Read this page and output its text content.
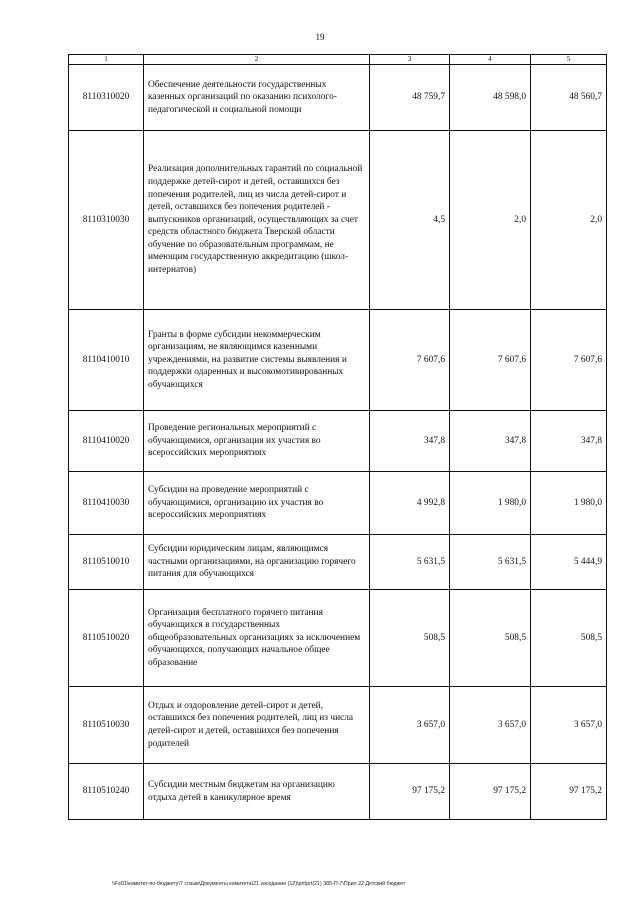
19
1	2	3	4	5
8110310020	Обеспечение деятельности государственных казенных организаций по оказанию психолого-педагогической и социальной помощи	48 759,7	48 598,0	48 560,7
8110310030	Реализация дополнительных гарантий по социальной поддержке детей-сирот и детей, оставшихся без попечения родителей, лиц из числа детей-сирот и детей, оставшихся без попечения родителей - выпускников организаций, осуществляющих за счет средств областного бюджета Тверской области обучение по образовательным программам, не имеющим государственную аккредитацию (школ-интернатов)	4,5	2,0	2,0
8110410010	Гранты в форме субсидии некоммерческим организациям, не являющимся казенными учреждениями, на развитие системы выявления и поддержки одаренных и высокомотивированных обучающихся	7 607,6	7 607,6	7 607,6
8110410020	Проведение региональных мероприятий с обучающимися, организация их участия во всероссийских мероприятиях	347,8	347,8	347,8
8110410030	Субсидии на проведение мероприятий с обучающимися, организацию их участия во всероссийских мероприятиях	4 992,8	1 980,0	1 980,0
8110510010	Субсидии юридическим лицам, являющимся частными организациями, на организацию горячего питания для обучающихся	5 631,5	5 631,5	5 444,9
8110510020	Организация бесплатного горячего питания обучающихся в государственных общеобразовательных организациях за исключением обучающихся, получающих начальное общее образование	508,5	508,5	508,5
8110510030	Отдых и оздоровление детей-сирот и детей, оставшихся без попечения родителей, лиц из числа детей-сирот и детей, оставшихся без попечения родителей	3 657,0	3 657,0	3 657,0
8110510240	Субсидии местным бюджетам на организацию отдыха детей в каникулярное время	97 175,2	97 175,2	97 175,2
\\Fs01\комитет-по-бюджету\7 созыв\Документы комитета\21 заседание (12)\prt\prt(21) 385-П-7\Прил 22 Детский бюджет
